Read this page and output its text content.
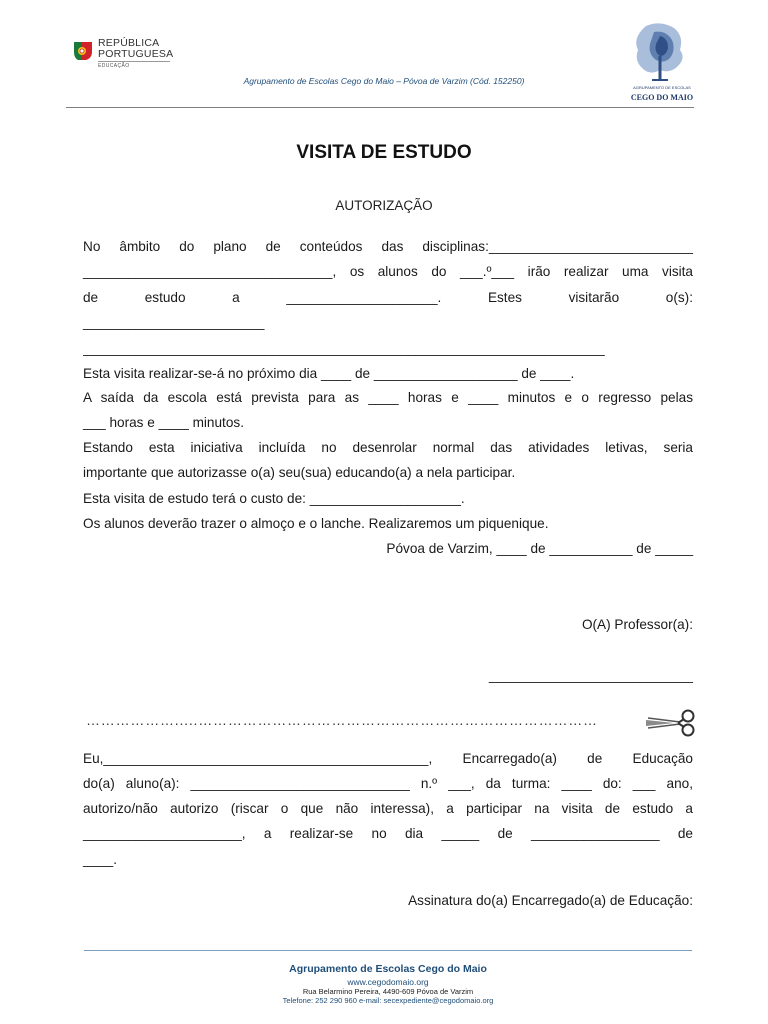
REPÚBLICA
PORTUGUESA
EDUCAÇÃO
Agrupamento de Escolas Cego do Maio – Póvoa de Varzim (Cód. 152250)
AGRUPAMENTO DE ESCOLAS
CEGO DO MAIO
VISITA DE ESTUDO
AUTORIZAÇÃO
No âmbito do plano de conteúdos das disciplinas:___________________________
_________________________________, os alunos do ___.º___ irão realizar uma visita
de estudo a ____________________. Estes visitarão o(s):
________________________
_____________________________________________________________________
Esta visita realizar-se-á no próximo dia ____ de ___________________ de ____.
A saída da escola está prevista para as ____ horas e ____ minutos e o regresso pelas
___ horas e ____ minutos.
Estando esta iniciativa incluída no desenrolar normal das atividades letivas, seria
importante que autorizasse o(a) seu(sua) educando(a) a nela participar.
Esta visita de estudo terá o custo de: ____________________.
Os alunos deverão trazer o almoço e o lanche. Realizaremos um piquenique.
Póvoa de Varzim, ____ de ___________ de _____
O(A) Professor(a):
___________________________
……………….....………………………………………………………………………
Eu,___________________________________________, Encarregado(a) de Educação
do(a) aluno(a): _____________________________ n.º ___, da turma: ____ do: ___ ano,
autorizo/não autorizo (riscar o que não interessa), a participar na visita de estudo a
_____________________, a realizar-se no dia _____ de _________________ de
____.
Assinatura do(a) Encarregado(a) de Educação:
Agrupamento de Escolas Cego do Maio
www.cegodomaio.org
Rua Belarmino Pereira, 4490-609 Póvoa de Varzim
Telefone: 252 290 960 e-mail: secexpediente@cegodomaio.org
